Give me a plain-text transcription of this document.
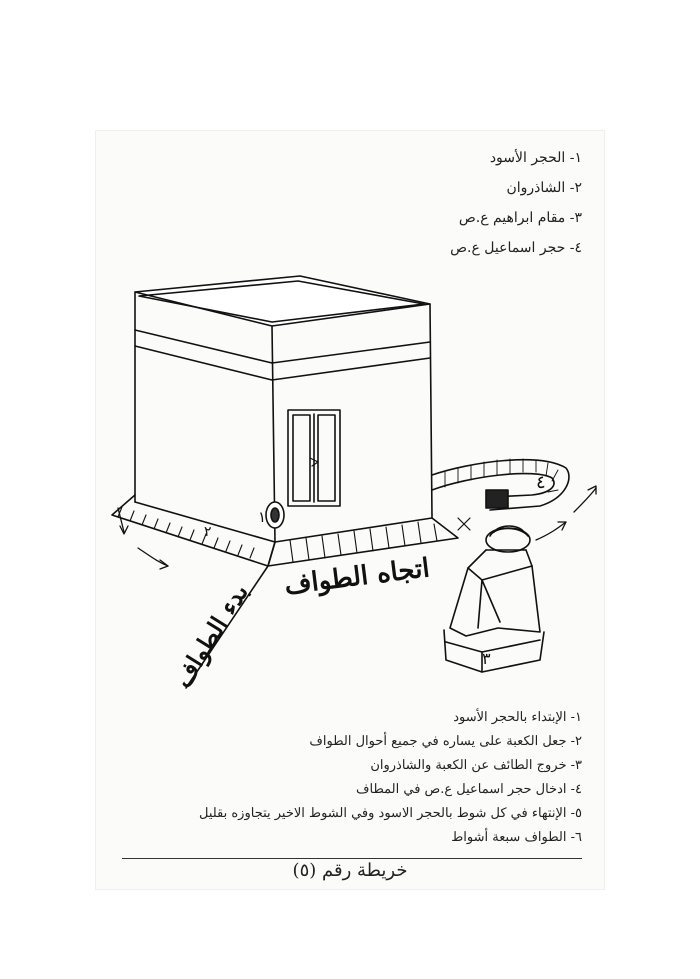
١- الحجر الأسود
٢- الشاذروان
٣- مقام ابراهيم ع.ص
٤- حجر اسماعيل ع.ص
١
٢
٣
٤
اتجاه الطواف
بدء الطواف
١- الإبتداء بالحجر الأسود
٢- جعل الكعبة على يساره في جميع أحوال الطواف
٣- خروج الطائف عن الكعبة والشاذروان
٤- ادخال حجر اسماعيل ع.ص في المطاف
٥- الإنتهاء في كل شوط بالحجر الاسود وفي الشوط الاخير يتجاوزه بقليل
٦- الطواف سبعة أشواط
خريطة رقم (٥)
